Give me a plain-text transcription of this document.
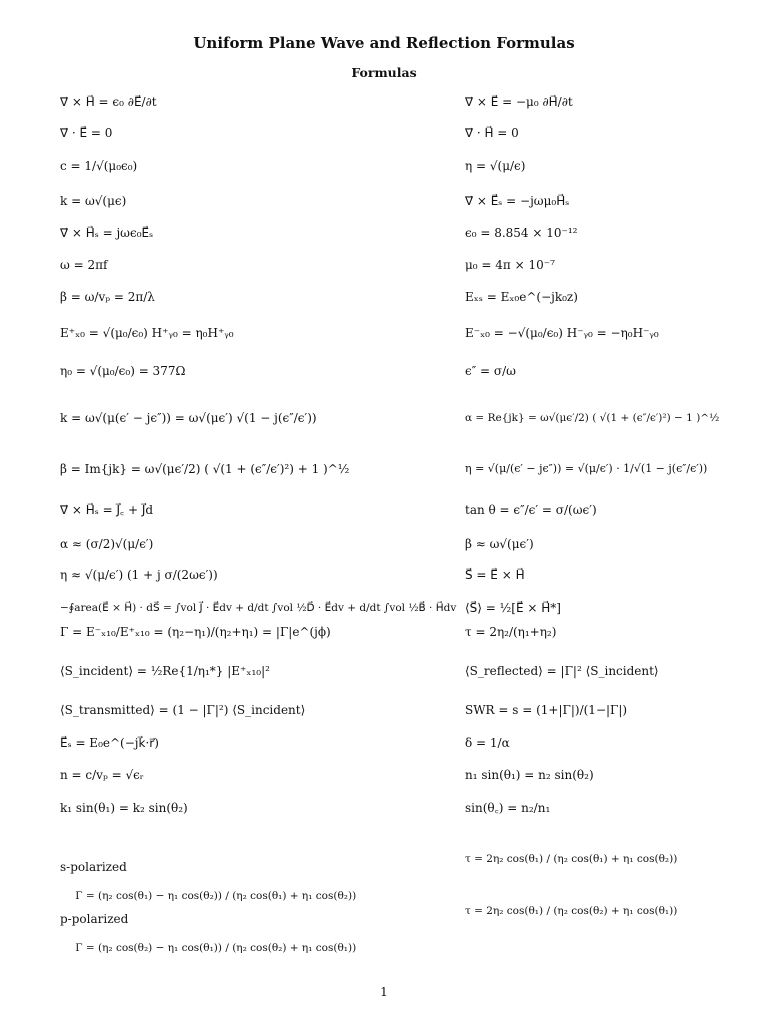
Uniform Plane Wave and Reflection Formulas
Formulas
∇⃗ × H⃗ = ϵ₀ ∂E⃗/∂t
∇⃗ · E⃗ = 0
c = 1/√(μ₀ϵ₀)
k = ω√(μϵ)
∇⃗ × H⃗ₛ = jωϵ₀E⃗ₛ
ω = 2πf
β = ω/vₚ = 2π/λ
E⁺ₓ₀ = √(μ₀/ϵ₀) H⁺ᵧ₀ = η₀H⁺ᵧ₀
η₀ = √(μ₀/ϵ₀) = 377Ω
k = ω√(μ(ϵ′ − jϵ″)) = ω√(μϵ′) √(1 − j(ϵ″/ϵ′))
β = Im{jk} = ω√(μϵ′/2) ( √(1 + (ϵ″/ϵ′)²) + 1 )^½
∇⃗ × H⃗ₛ = J⃗꜀ + J⃗d
α ≈ (σ/2)√(μ/ϵ′)
η ≈ √(μ/ϵ′) (1 + j σ/(2ωϵ′))
−∮area(E⃗ × H⃗) · dS⃗ = ∫vol J⃗ · E⃗dv + d/dt ∫vol ½D⃗ · E⃗dv + d/dt ∫vol ½B⃗ · H⃗dv
Γ = E⁻ₓ₁₀/E⁺ₓ₁₀ = (η₂−η₁)/(η₂+η₁) = |Γ|e^(jϕ)
⟨S_incident⟩ = ½Re{1/η₁*} |E⁺ₓ₁₀|²
⟨S_transmitted⟩ = (1 − |Γ|²) ⟨S_incident⟩
E⃗ₛ = E₀e^(−jk⃗·r⃗)
n = c/vₚ = √ϵᵣ
k₁ sin(θ₁) = k₂ sin(θ₂)

s-polarized

Γ = (η₂ cos(θ₁) − η₁ cos(θ₂)) / (η₂ cos(θ₁) + η₁ cos(θ₂))

p-polarized

Γ = (η₂ cos(θ₂) − η₁ cos(θ₁)) / (η₂ cos(θ₂) + η₁ cos(θ₁))

∇⃗ × E⃗ = −μ₀ ∂H⃗/∂t
∇⃗ · H⃗ = 0
η = √(μ/ϵ)
∇⃗ × E⃗ₛ = −jωμ₀H⃗ₛ
ϵ₀ = 8.854 × 10⁻¹²
μ₀ = 4π × 10⁻⁷
Eₓₛ = Eₓ₀e^(−jk₀z)
E⁻ₓ₀ = −√(μ₀/ϵ₀) H⁻ᵧ₀ = −η₀H⁻ᵧ₀
ϵ″ = σ/ω
α = Re{jk} = ω√(μϵ′/2) ( √(1 + (ϵ″/ϵ′)²) − 1 )^½
η = √(μ/(ϵ′ − jϵ″)) = √(μ/ϵ′) · 1/√(1 − j(ϵ″/ϵ′))
tan θ = ϵ″/ϵ′ = σ/(ωϵ′)
β ≈ ω√(μϵ′)
S⃗ = E⃗ × H⃗
⟨S⃗⟩ = ½[E⃗ × H⃗*]
τ = 2η₂/(η₁+η₂)
⟨S_reflected⟩ = |Γ|² ⟨S_incident⟩
SWR = s = (1+|Γ|)/(1−|Γ|)
δ = 1/α
n₁ sin(θ₁) = n₂ sin(θ₂)
sin(θ꜀) = n₂/n₁
τ = 2η₂ cos(θ₁) / (η₂ cos(θ₁) + η₁ cos(θ₂))
τ = 2η₂ cos(θ₁) / (η₂ cos(θ₂) + η₁ cos(θ₁))
1
